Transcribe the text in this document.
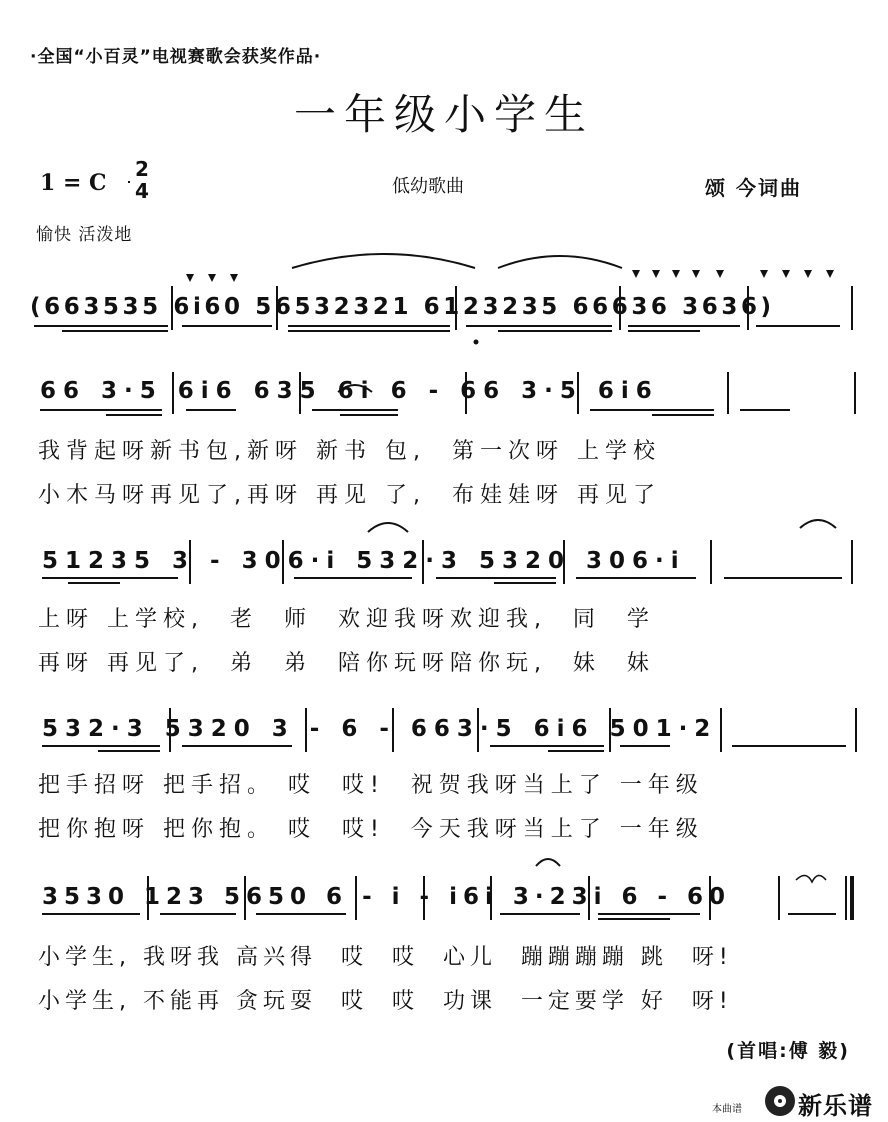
·全国“小百灵”电视赛歌会获奖作品·
一年级小学生
1 = C
2
4	低幼歌曲	颂 今词曲
愉快 活泼地
(663535 6i60 56532321 6123235 66636 3636)
66 3·5 6i6 635 6i 6 - 66 3·5 6i6
我背起呀新书包,新呀 新书 包,  第一次呀 上学校
小木马呀再见了,再呀 再见 了,  布娃娃呀 再见了
51235 3 - 306·i 532·3 5320 306·i
上呀 上学校,  老  师  欢迎我呀欢迎我,  同  学
再呀 再见了,  弟  弟  陪你玩呀陪你玩,  妹  妹
532·3 5320 3 - 6 - 663·5 6i6 501·2
把手招呀 把手招。 哎  哎!  祝贺我呀当上了 一年级
把你抱呀 把你抱。 哎  哎!  今天我呀当上了 一年级
3530 123 5650 6 - i - i6i 3·23i 6 - 60
小学生, 我呀我 高兴得  哎  哎  心儿  蹦蹦蹦蹦 跳  呀!
小学生, 不能再 贪玩耍  哎  哎  功课  一定要学 好  呀!
(首唱:傅 毅)
本曲谱 新乐谱
